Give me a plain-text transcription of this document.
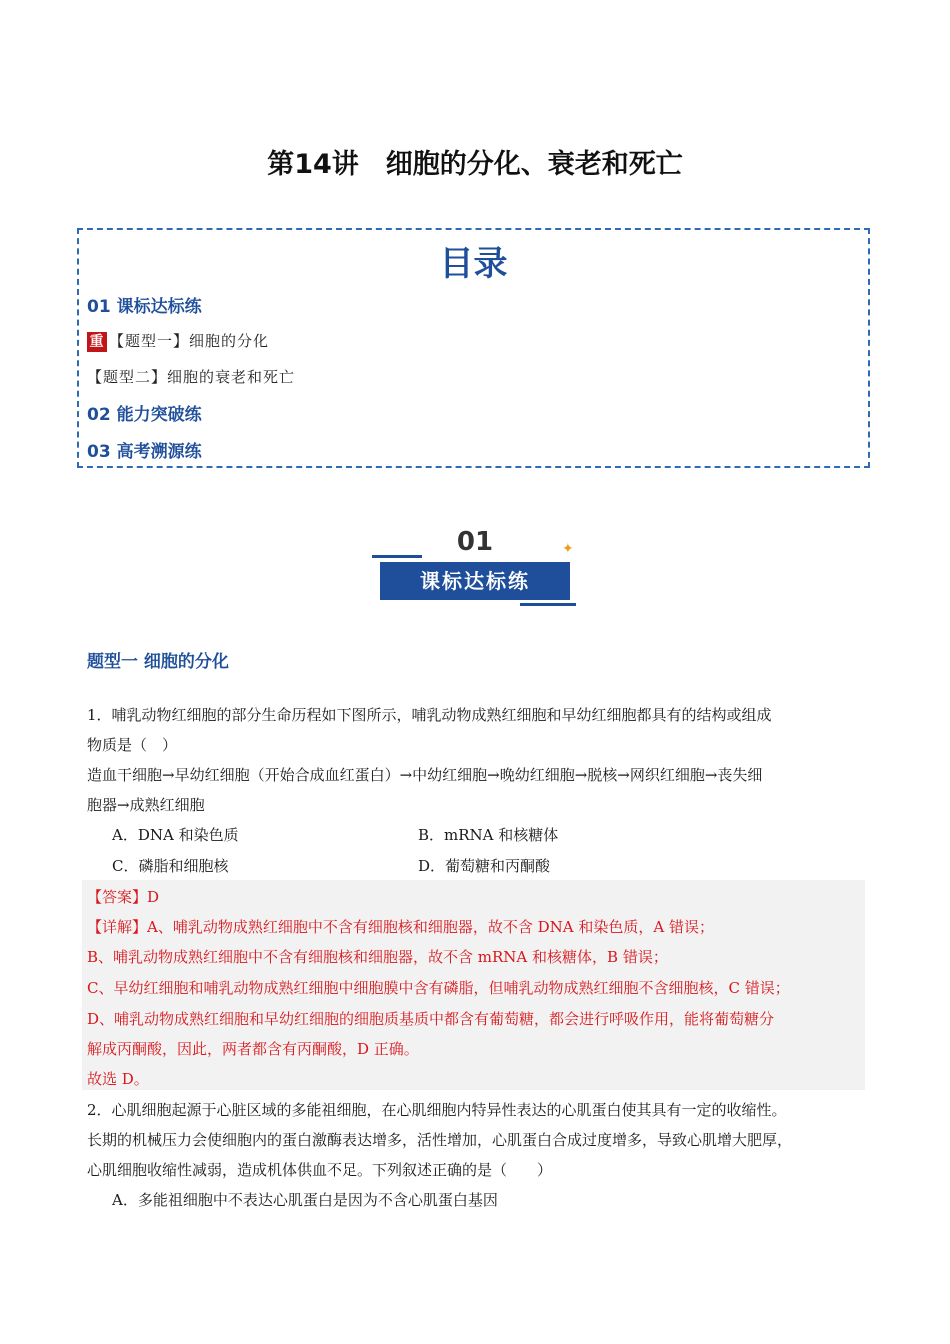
第14讲　细胞的分化、衰老和死亡
目录
01 课标达标练
重 【题型一】细胞的分化
【题型二】细胞的衰老和死亡
02 能力突破练
03 高考溯源练
01
课标达标练
✦
题型一 细胞的分化
1．哺乳动物红细胞的部分生命历程如下图所示，哺乳动物成熟红细胞和早幼红细胞都具有的结构或组成
物质是（　）
造血干细胞→早幼红细胞（开始合成血红蛋白）→中幼红细胞→晚幼红细胞→脱核→网织红细胞→丧失细
胞器→成熟红细胞
A．DNA 和染色质	B．mRNA 和核糖体
C．磷脂和细胞核	D．葡萄糖和丙酮酸
【答案】D
【详解】A、哺乳动物成熟红细胞中不含有细胞核和细胞器，故不含 DNA 和染色质，A 错误；
B、哺乳动物成熟红细胞中不含有细胞核和细胞器，故不含 mRNA 和核糖体，B 错误；
C、早幼红细胞和哺乳动物成熟红细胞中细胞膜中含有磷脂，但哺乳动物成熟红细胞不含细胞核，C 错误；
D、哺乳动物成熟红细胞和早幼红细胞的细胞质基质中都含有葡萄糖，都会进行呼吸作用，能将葡萄糖分
解成丙酮酸，因此，两者都含有丙酮酸，D 正确。
故选 D。
2．心肌细胞起源于心脏区域的多能祖细胞，在心肌细胞内特异性表达的心肌蛋白使其具有一定的收缩性。
长期的机械压力会使细胞内的蛋白激酶表达增多，活性增加，心肌蛋白合成过度增多，导致心肌增大肥厚，
心肌细胞收缩性减弱，造成机体供血不足。下列叙述正确的是（　　）
A．多能祖细胞中不表达心肌蛋白是因为不含心肌蛋白基因
